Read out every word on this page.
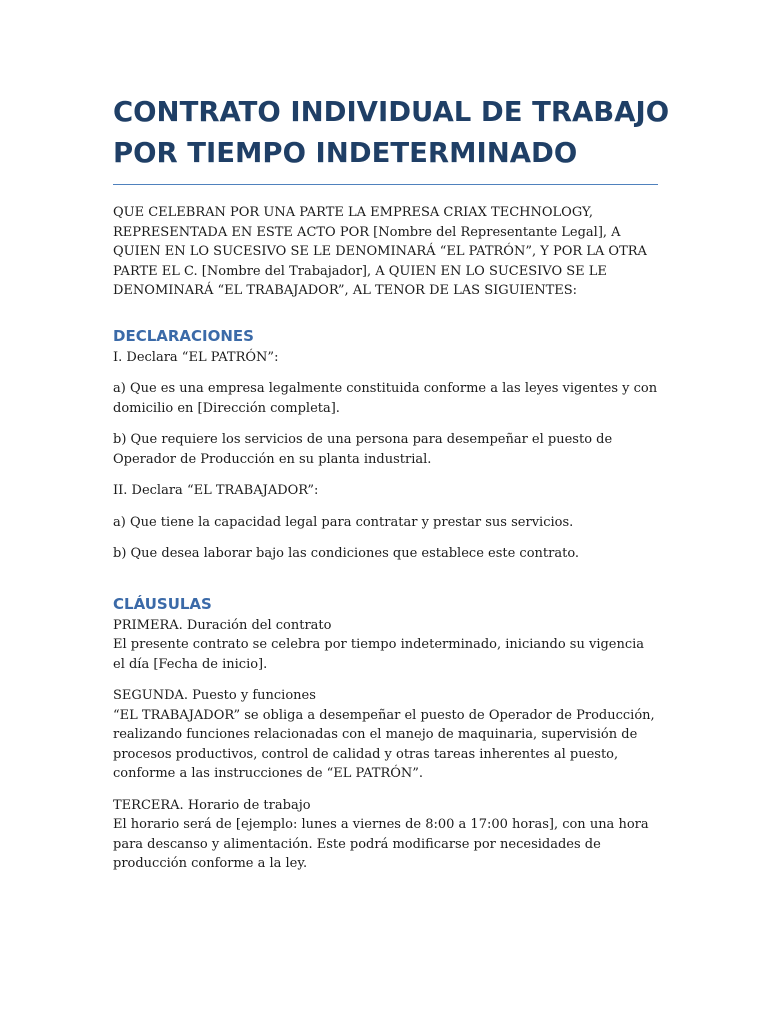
CONTRATO INDIVIDUAL DE TRABAJO
POR TIEMPO INDETERMINADO

QUE CELEBRAN POR UNA PARTE LA EMPRESA CRIAX TECHNOLOGY, REPRESENTADA EN ESTE ACTO POR [Nombre del Representante Legal], A QUIEN EN LO SUCESIVO SE LE DENOMINARÁ “EL PATRÓN”, Y POR LA OTRA PARTE EL C. [Nombre del Trabajador], A QUIEN EN LO SUCESIVO SE LE DENOMINARÁ “EL TRABAJADOR”, AL TENOR DE LAS SIGUIENTES:

DECLARACIONES

I. Declara “EL PATRÓN”:

a) Que es una empresa legalmente constituida conforme a las leyes vigentes y con domicilio en [Dirección completa].

b) Que requiere los servicios de una persona para desempeñar el puesto de Operador de Producción en su planta industrial.

II. Declara “EL TRABAJADOR”:

a) Que tiene la capacidad legal para contratar y prestar sus servicios.

b) Que desea laborar bajo las condiciones que establece este contrato.

CLÁUSULAS

PRIMERA. Duración del contrato

El presente contrato se celebra por tiempo indeterminado, iniciando su vigencia el día [Fecha de inicio].

SEGUNDA. Puesto y funciones

“EL TRABAJADOR” se obliga a desempeñar el puesto de Operador de Producción, realizando funciones relacionadas con el manejo de maquinaria, supervisión de procesos productivos, control de calidad y otras tareas inherentes al puesto, conforme a las instrucciones de “EL PATRÓN”.

TERCERA. Horario de trabajo

El horario será de [ejemplo: lunes a viernes de 8:00 a 17:00 horas], con una hora para descanso y alimentación. Este podrá modificarse por necesidades de producción conforme a la ley.
